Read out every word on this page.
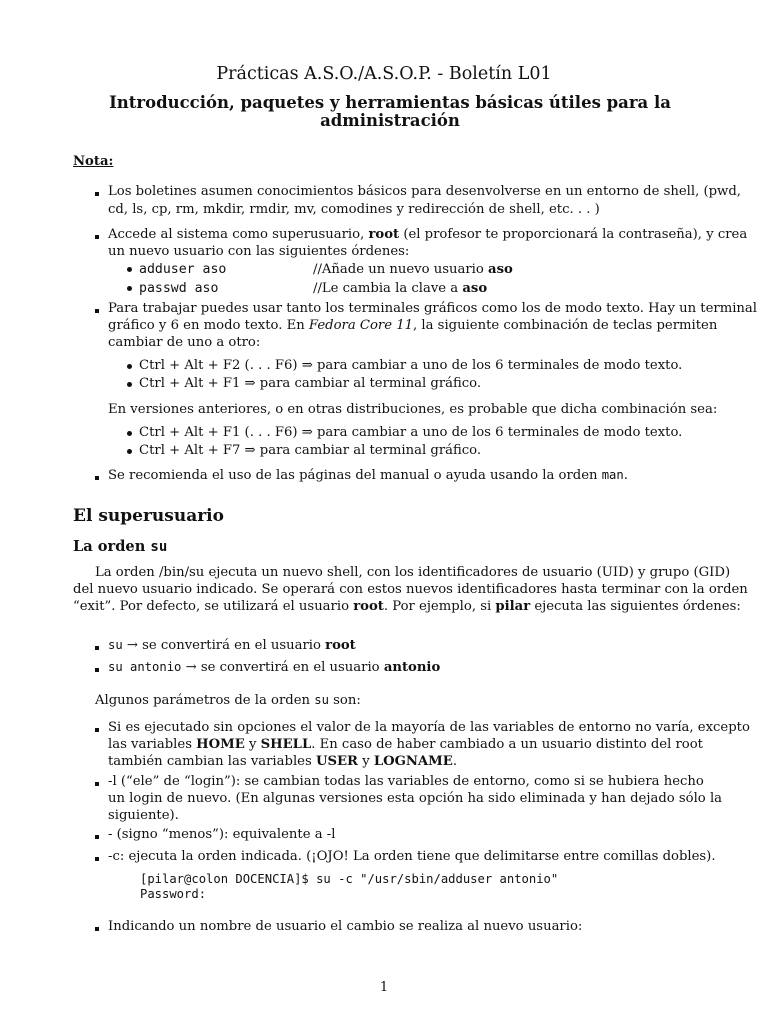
Prácticas A.S.O./A.S.O.P. - Boletín L01
Introducción, paquetes y herramientas básicas útiles para la administración
Nota:
Los boletines asumen conocimientos básicos para desenvolverse en un entorno de shell, (pwd,
cd, ls, cp, rm, mkdir, rmdir, mv, comodines y redirección de shell, etc. . . )
Accede al sistema como superusuario, root (el profesor te proporcionará la contraseña), y crea
un nuevo usuario con las siguientes órdenes:
adduser aso	//Añade un nuevo usuario aso
passwd aso	//Le cambia la clave a aso
Para trabajar puedes usar tanto los terminales gráficos como los de modo texto. Hay un terminal
gráfico y 6 en modo texto. En Fedora Core 11, la siguiente combinación de teclas permiten
cambiar de uno a otro:
Ctrl + Alt + F2 (. . . F6) ⇒ para cambiar a uno de los 6 terminales de modo texto.
Ctrl + Alt + F1 ⇒ para cambiar al terminal gráfico.
En versiones anteriores, o en otras distribuciones, es probable que dicha combinación sea:
Ctrl + Alt + F1 (. . . F6) ⇒ para cambiar a uno de los 6 terminales de modo texto.
Ctrl + Alt + F7 ⇒ para cambiar al terminal gráfico.
Se recomienda el uso de las páginas del manual o ayuda usando la orden man.
El superusuario
La orden su
La orden /bin/su ejecuta un nuevo shell, con los identificadores de usuario (UID) y grupo (GID)
del nuevo usuario indicado. Se operará con estos nuevos identificadores hasta terminar con la orden
“exit”. Por defecto, se utilizará el usuario root. Por ejemplo, si pilar ejecuta las siguientes órdenes:
su → se convertirá en el usuario root
su antonio → se convertirá en el usuario antonio
Algunos parámetros de la orden su son:
Si es ejecutado sin opciones el valor de la mayoría de las variables de entorno no varía, excepto
las variables HOME y SHELL. En caso de haber cambiado a un usuario distinto del root
también cambian las variables USER y LOGNAME.
-l (“ele” de “login”): se cambian todas las variables de entorno, como si se hubiera hecho
un login de nuevo. (En algunas versiones esta opción ha sido eliminada y han dejado sólo la
siguiente).
- (signo “menos”): equivalente a -l
-c: ejecuta la orden indicada. (¡OJO! La orden tiene que delimitarse entre comillas dobles).
[pilar@colon DOCENCIA]$ su -c "/usr/sbin/adduser antonio"
Password:
Indicando un nombre de usuario el cambio se realiza al nuevo usuario:
1
